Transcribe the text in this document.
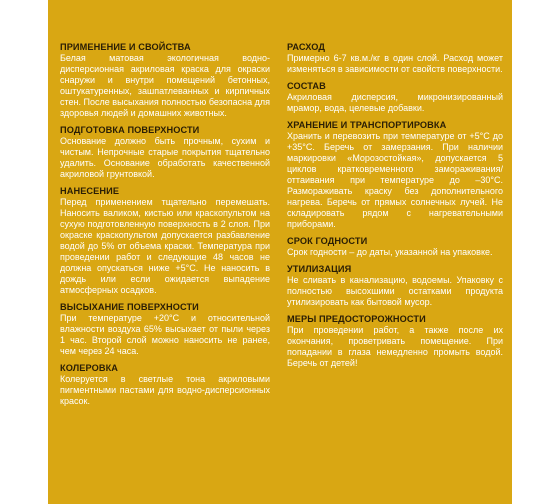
ПРИМЕНЕНИЕ И СВОЙСТВА
Белая матовая экологичная водно-дисперсионная акриловая краска для окраски снаружи и внутри помещений бетонных, оштукатуренных, зашпатлеванных и кирпичных стен. После высыхания полностью безопасна для здоровья людей и домашних животных.
ПОДГОТОВКА ПОВЕРХНОСТИ
Основание должно быть прочным, сухим и чистым. Непрочные старые покрытия тщательно удалить. Основание обработать качественной акриловой грунтовкой.
НАНЕСЕНИЕ
Перед применением тщательно перемешать. Наносить валиком, кистью или краскопультом на сухую подготовленную поверхность в 2 слоя. При окраске краскопультом допускается разбавление водой до 5% от объема краски. Температура при проведении работ и следующие 48 часов не должна опускаться ниже +5°С. Не наносить в дождь или если ожидается выпадение атмосферных осадков.
ВЫСЫХАНИЕ ПОВЕРХНОСТИ
При температуре +20°С и относительной влажности воздуха 65% высыхает от пыли через 1 час. Второй слой можно наносить не ранее, чем через 24 часа.
КОЛЕРОВКА
Колеруется в светлые тона акриловыми пигментными пастами для водно-дисперсионных красок.
РАСХОД
Примерно 6-7 кв.м./кг в один слой. Расход может изменяться в зависимости от свойств поверхности.
СОСТАВ
Акриловая дисперсия, микронизированный мрамор, вода, целевые добавки.
ХРАНЕНИЕ И ТРАНСПОРТИРОВКА
Хранить и перевозить при температуре от +5°С до +35°С. Беречь от замерзания. При наличии маркировки «Морозостойкая», допускается 5 циклов кратковременного замораживания/оттаивания при температуре до –30°С. Размораживать краску без дополнительного нагрева. Беречь от прямых солнечных лучей. Не складировать рядом с нагревательными приборами.
СРОК ГОДНОСТИ
Срок годности – до даты, указанной на упаковке.
УТИЛИЗАЦИЯ
Не сливать в канализацию, водоемы. Упаковку с полностью высохшими остатками продукта утилизировать как бытовой мусор.
МЕРЫ ПРЕДОСТОРОЖНОСТИ
При проведении работ, а также после их окончания, проветривать помещение. При попадании в глаза немедленно промыть водой. Беречь от детей!
